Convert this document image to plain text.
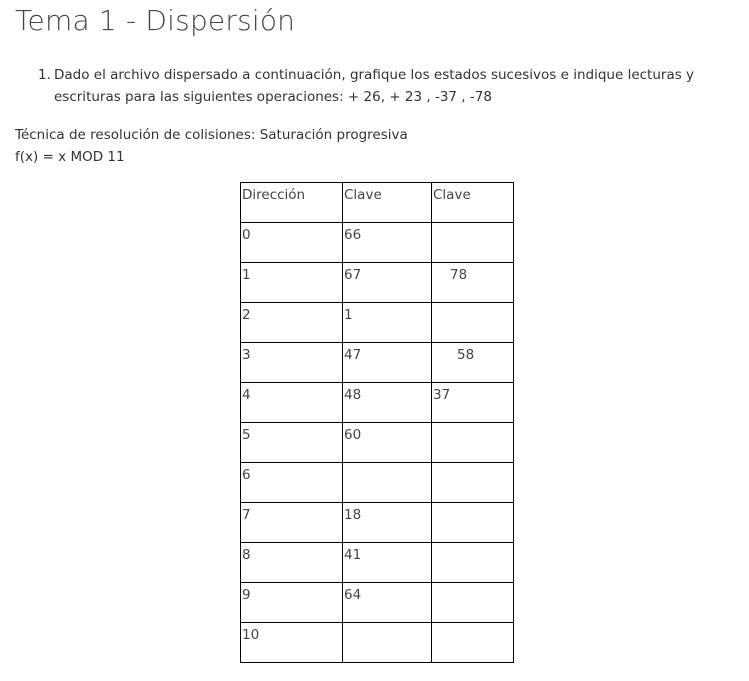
Tema 1 - Dispersión
1. Dado el archivo dispersado a continuación, grafique los estados sucesivos e indique lecturas y escrituras para las siguientes operaciones: + 26, + 23 , -37 , -78
Técnica de resolución de colisiones: Saturación progresiva
f(x) = x MOD 11
Dirección	Clave	Clave
0	66	
1	67	78
2	1	
3	47	58
4	48	37
5	60	
6		
7	18	
8	41	
9	64	
10		
